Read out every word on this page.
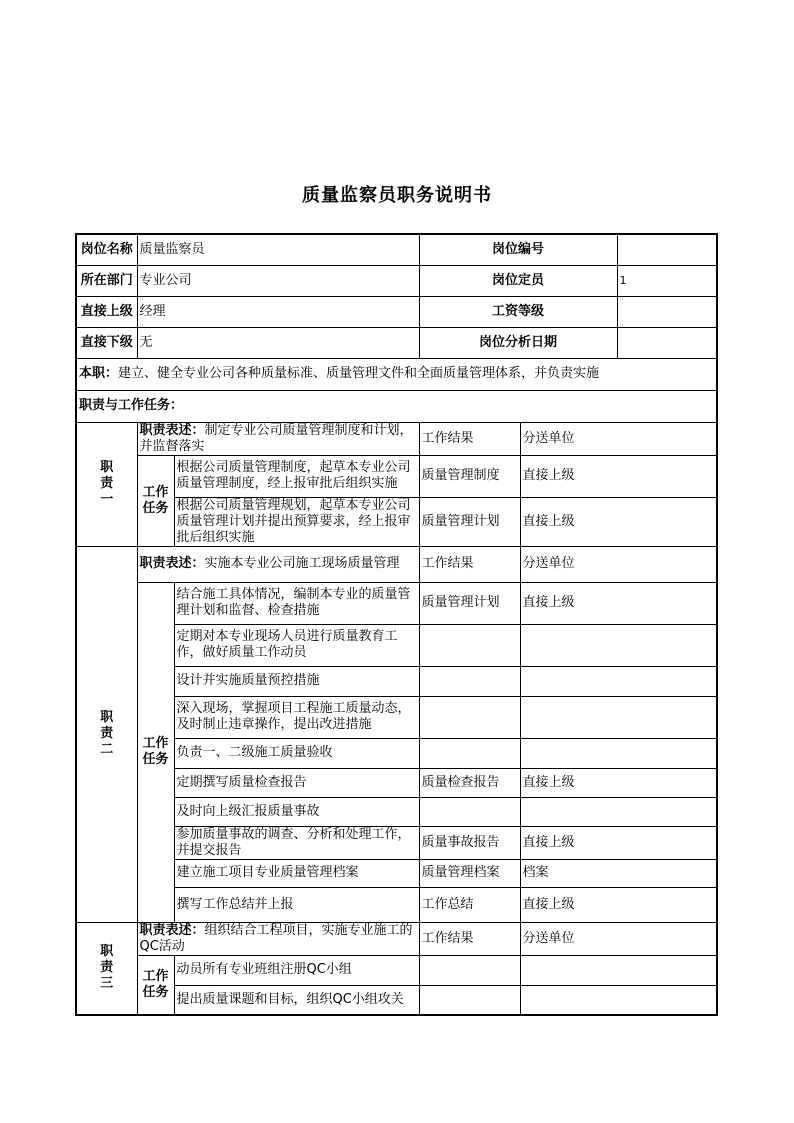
质量监察员职务说明书
岗位名称	质量监察员		岗位编号		
所在部门	专业公司		岗位定员		1
直接上级	经理		工资等级		
直接下级	无		岗位分析日期		
本职：建立、健全专业公司各种质量标准、质量管理文件和全面质量管理体系，并负责实施					
职责与工作任务：					
职责一	职责表述：制定专业公司质量管理制度和计划，并监督落实		工作结果	分送单位	
	工作任务	根据公司质量管理制度，起草本专业公司质量管理制度，经上报审批后组织实施	质量管理制度	直接上级	
		根据公司质量管理规划，起草本专业公司质量管理计划并提出预算要求，经上报审批后组织实施	质量管理计划	直接上级	
职责二	职责表述：实施本专业公司施工现场质量管理		工作结果	分送单位	
	工作任务	结合施工具体情况，编制本专业的质量管理计划和监督、检查措施	质量管理计划	直接上级	
		定期对本专业现场人员进行质量教育工作，做好质量工作动员			
		设计并实施质量预控措施			
		深入现场，掌握项目工程施工质量动态，及时制止违章操作，提出改进措施			
		负责一、二级施工质量验收			
		定期撰写质量检查报告	质量检查报告	直接上级	
		及时向上级汇报质量事故			
		参加质量事故的调查、分析和处理工作，并提交报告	质量事故报告	直接上级	
		建立施工项目专业质量管理档案	质量管理档案	档案	
		撰写工作总结并上报	工作总结	直接上级	
职责三	职责表述：组织结合工程项目，实施专业施工的QC活动		工作结果	分送单位	
	工作任务	动员所有专业班组注册QC小组			
		提出质量课题和目标，组织QC小组攻关			
